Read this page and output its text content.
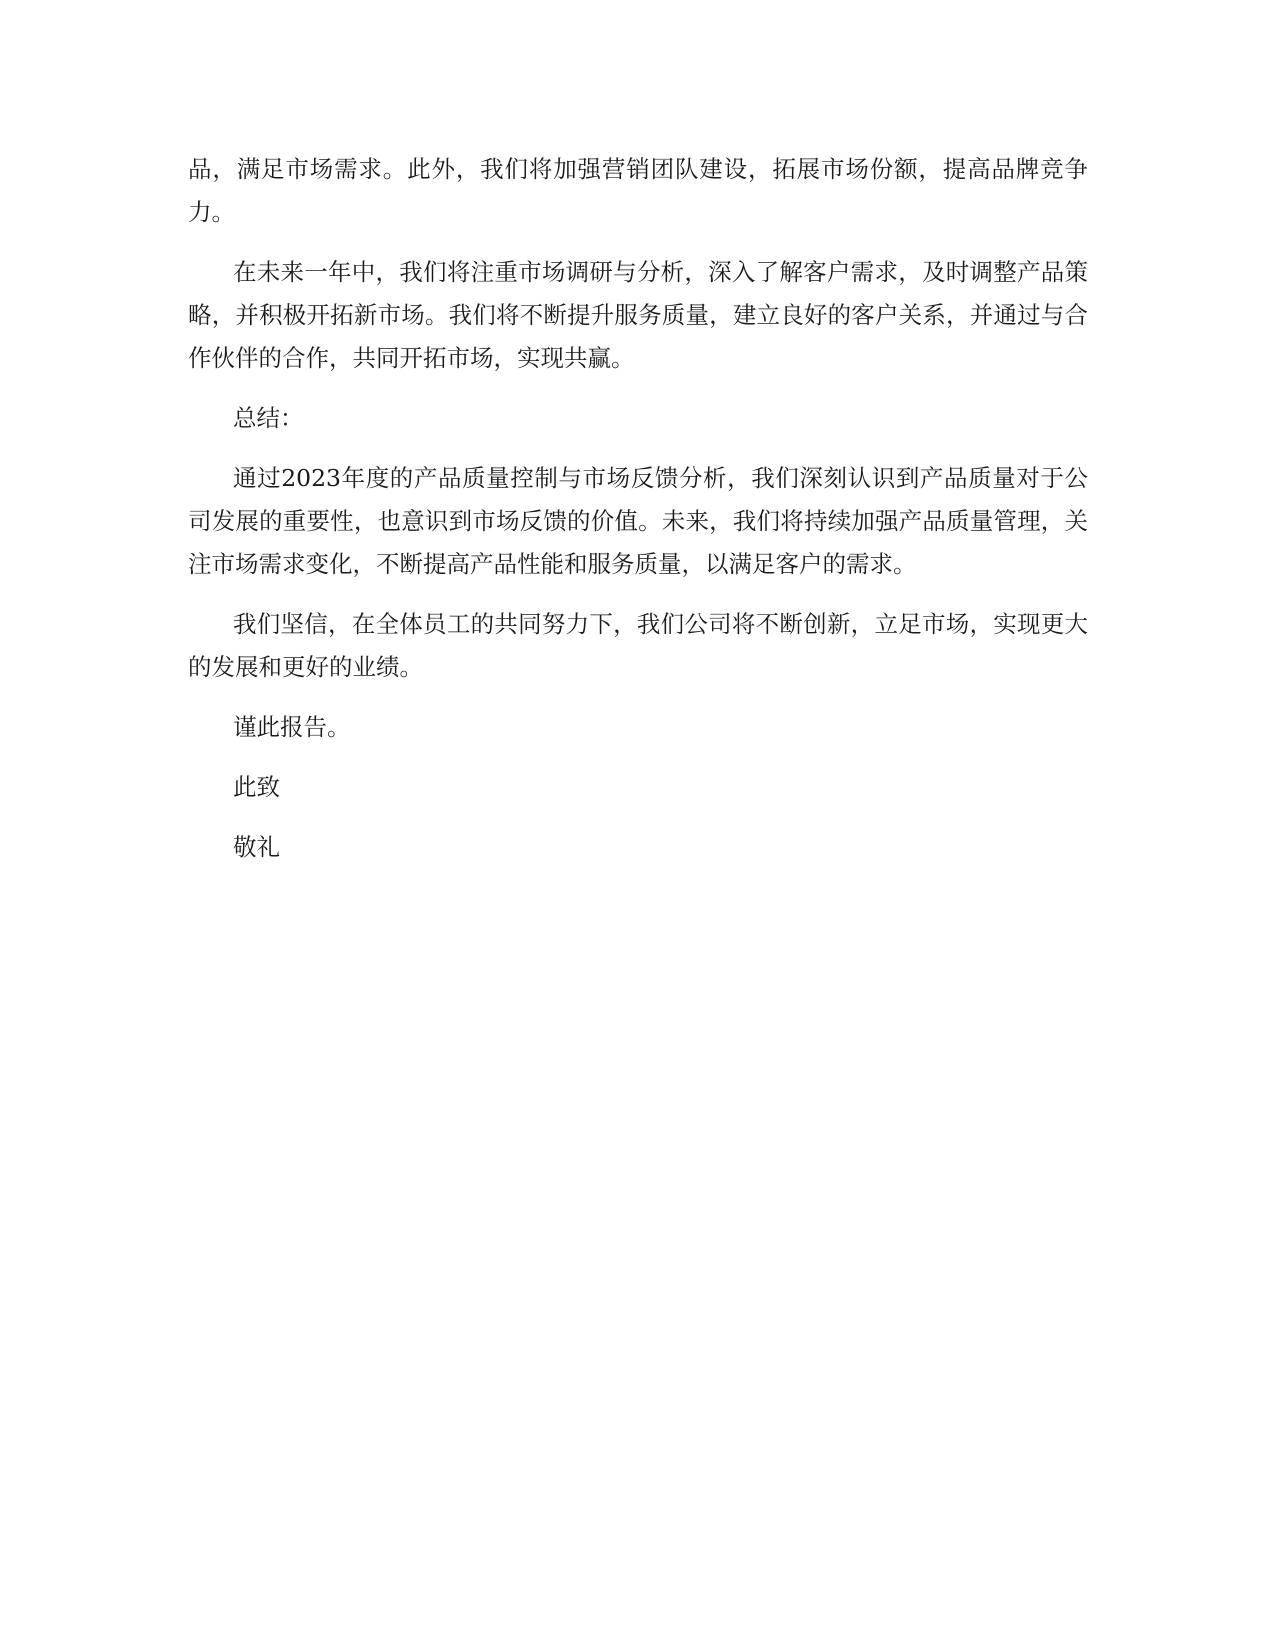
品，满足市场需求。此外，我们将加强营销团队建设，拓展市场份额，提高品牌竞争力。

在未来一年中，我们将注重市场调研与分析，深入了解客户需求，及时调整产品策略，并积极开拓新市场。我们将不断提升服务质量，建立良好的客户关系，并通过与合作伙伴的合作，共同开拓市场，实现共赢。

总结：

通过2023年度的产品质量控制与市场反馈分析，我们深刻认识到产品质量对于公司发展的重要性，也意识到市场反馈的价值。未来，我们将持续加强产品质量管理，关注市场需求变化，不断提高产品性能和服务质量，以满足客户的需求。

我们坚信，在全体员工的共同努力下，我们公司将不断创新，立足市场，实现更大的发展和更好的业绩。

谨此报告。

此致

敬礼
